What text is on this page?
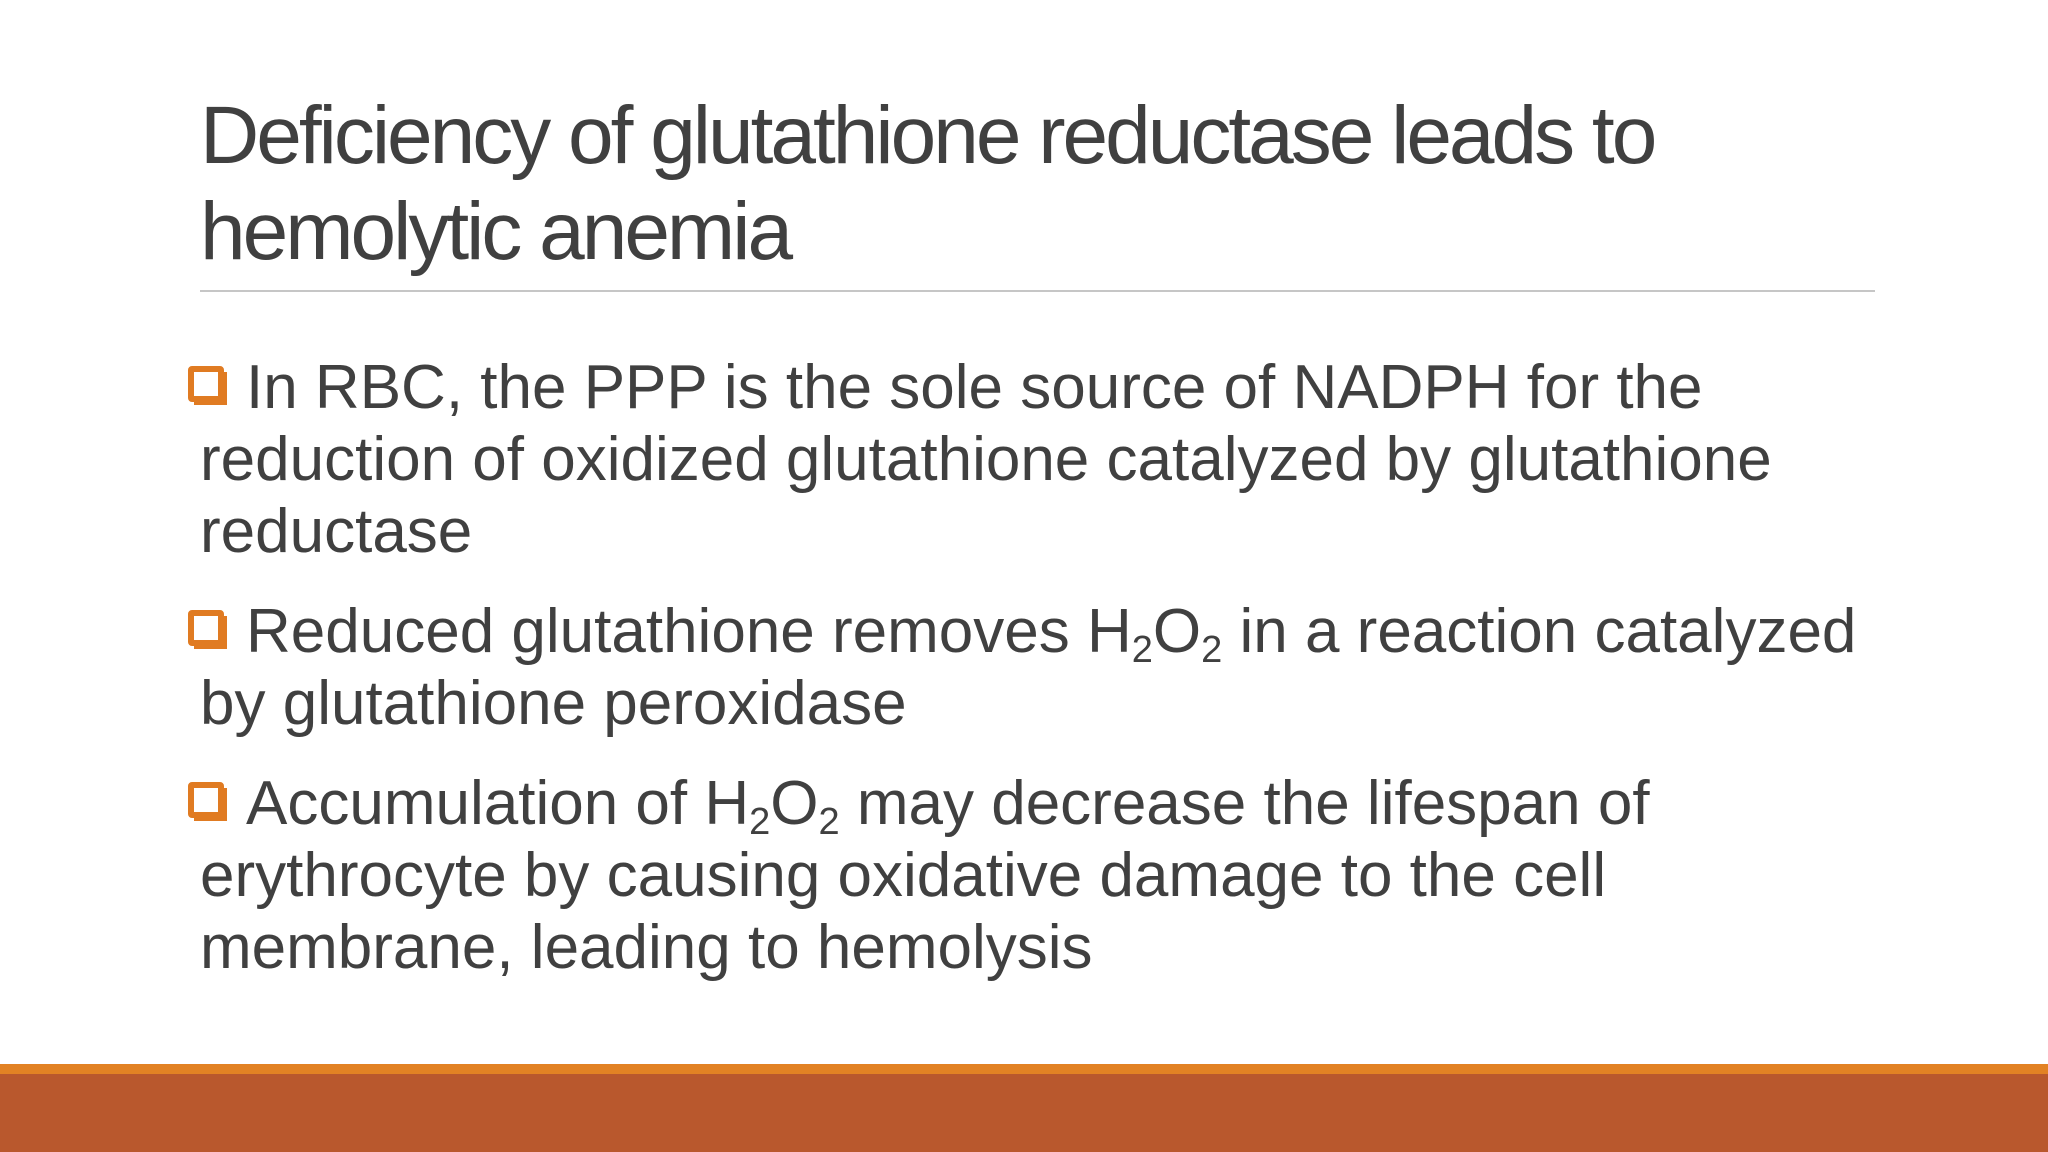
Deficiency of glutathione reductase leads to hemolytic anemia
In RBC, the PPP is the sole source of NADPH for the reduction of oxidized glutathione catalyzed by glutathione reductase
Reduced glutathione removes $H_2O_2$ in a reaction catalyzed by glutathione peroxidase
Accumulation of $H_2O_2$ may decrease the lifespan of erythrocyte by causing oxidative damage to the cell membrane, leading to hemolysis
